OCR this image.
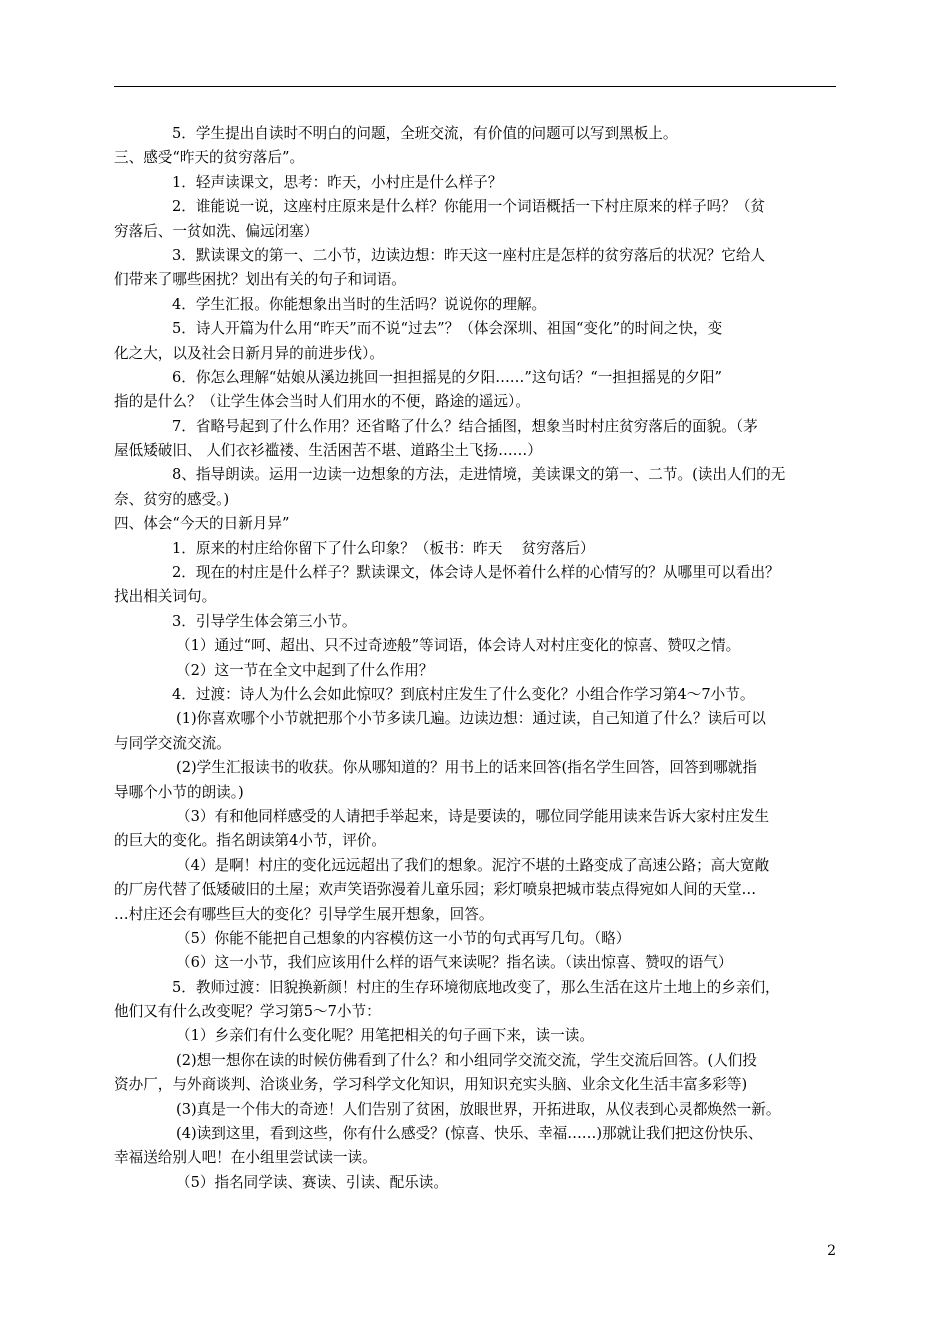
5．学生提出自读时不明白的问题，全班交流，有价值的问题可以写到黑板上。
三、感受“昨天的贫穷落后”。
1．轻声读课文，思考：昨天，小村庄是什么样子？
2．谁能说一说，这座村庄原来是什么样？你能用一个词语概括一下村庄原来的样子吗？（贫
穷落后、一贫如洗、偏远闭塞）
3．默读课文的第一、二小节，边读边想：昨天这一座村庄是怎样的贫穷落后的状况？它给人
们带来了哪些困扰？划出有关的句子和词语。
4．学生汇报。你能想象出当时的生活吗？说说你的理解。
5．诗人开篇为什么用“昨天”而不说“过去”？（体会深圳、祖国“变化”的时间之快，变
化之大，以及社会日新月异的前进步伐）。
6．你怎么理解“姑娘从溪边挑回一担担摇晃的夕阳……”这句话？“一担担摇晃的夕阳”
指的是什么？（让学生体会当时人们用水的不便，路途的遥远）。
7．省略号起到了什么作用？还省略了什么？结合插图，想象当时村庄贫穷落后的面貌。（茅
屋低矮破旧、 人们衣衫褴褛、生活困苦不堪、道路尘土飞扬……）
8、指导朗读。运用一边读一边想象的方法，走进情境，美读课文的第一、二节。(读出人们的无
奈、贫穷的感受。)
四、体会“今天的日新月异”
1．原来的村庄给你留下了什么印象？（板书：昨天　 贫穷落后）
2．现在的村庄是什么样子？默读课文，体会诗人是怀着什么样的心情写的？从哪里可以看出？
找出相关词句。
3．引导学生体会第三小节。
（1）通过“呵、超出、只不过奇迹般”等词语，体会诗人对村庄变化的惊喜、赞叹之情。
（2）这一节在全文中起到了什么作用？
4．过渡：诗人为什么会如此惊叹？到底村庄发生了什么变化？小组合作学习第4～7小节。
(1)你喜欢哪个小节就把那个小节多读几遍。边读边想：通过读，自己知道了什么？读后可以
与同学交流交流。
(2)学生汇报读书的收获。你从哪知道的？用书上的话来回答(指名学生回答，回答到哪就指
导哪个小节的朗读。)
（3）有和他同样感受的人请把手举起来，诗是要读的，哪位同学能用读来告诉大家村庄发生
的巨大的变化。指名朗读第4小节，评价。
（4）是啊！村庄的变化远远超出了我们的想象。泥泞不堪的土路变成了高速公路；高大宽敞
的厂房代替了低矮破旧的土屋；欢声笑语弥漫着儿童乐园；彩灯喷泉把城市装点得宛如人间的天堂…
…村庄还会有哪些巨大的变化？引导学生展开想象，回答。
（5）你能不能把自己想象的内容模仿这一小节的句式再写几句。（略）
（6）这一小节，我们应该用什么样的语气来读呢？指名读。（读出惊喜、赞叹的语气）
5．教师过渡：旧貌换新颜！村庄的生存环境彻底地改变了，那么生活在这片土地上的乡亲们，
他们又有什么改变呢？学习第5～7小节：
（1）乡亲们有什么变化呢？用笔把相关的句子画下来，读一读。
(2)想一想你在读的时候仿佛看到了什么？和小组同学交流交流，学生交流后回答。(人们投
资办厂，与外商谈判、洽谈业务，学习科学文化知识，用知识充实头脑、业余文化生活丰富多彩等)
(3)真是一个伟大的奇迹！人们告别了贫困，放眼世界，开拓进取，从仪表到心灵都焕然一新。
(4)读到这里，看到这些，你有什么感受？(惊喜、快乐、幸福……)那就让我们把这份快乐、
幸福送给别人吧！在小组里尝试读一读。
（5）指名同学读、赛读、引读、配乐读。
2
